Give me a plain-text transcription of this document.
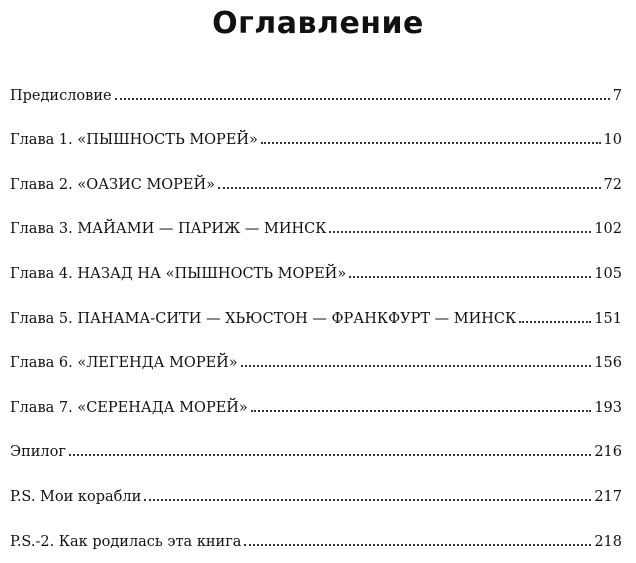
Оглавление
Предисловие	7
Глава 1. «ПЫШНОСТЬ МОРЕЙ»	10
Глава 2. «ОАЗИС МОРЕЙ»	72
Глава 3. МАЙАМИ — ПАРИЖ — МИНСК	102
Глава 4. НАЗАД НА «ПЫШНОСТЬ МОРЕЙ»	105
Глава 5. ПАНАМА-СИТИ — ХЬЮСТОН — ФРАНКФУРТ — МИНСК	151
Глава 6. «ЛЕГЕНДА МОРЕЙ»	156
Глава 7. «СЕРЕНАДА МОРЕЙ»	193
Эпилог	216
P.S. Мои корабли	217
P.S.-2. Как родилась эта книга	218
